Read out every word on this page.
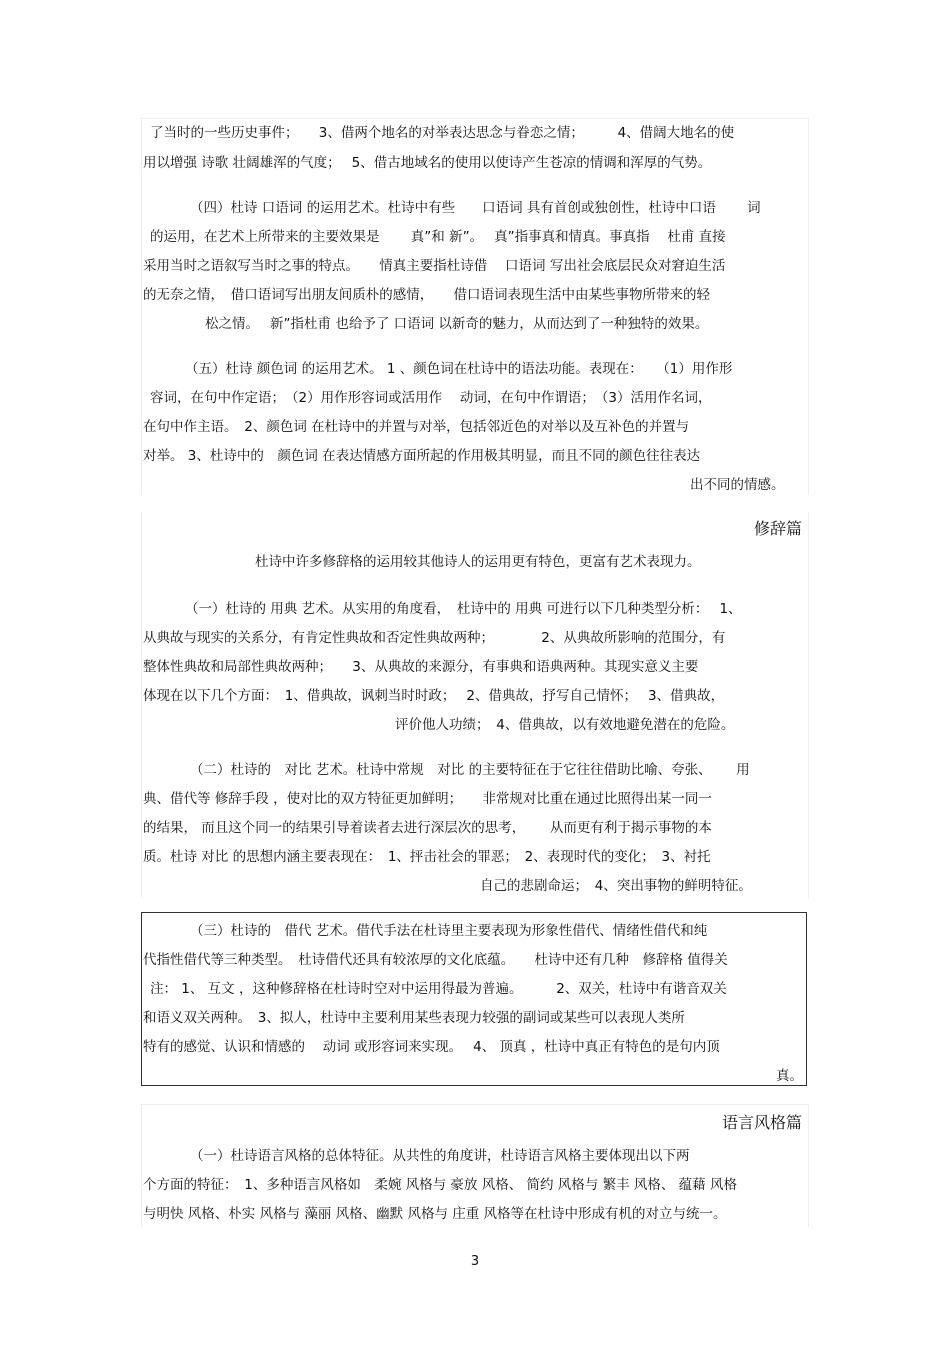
了当时的一些历史事件；　　3、借两个地名的对举表达思念与眷恋之情；　　　4、借阔大地名的使
用以增强 诗歌 壮阔雄浑的气度；　 5、借古地域名的使用以使诗产生苍凉的情调和浑厚的气势。
（四）杜诗 口语词 的运用艺术。杜诗中有些　　口语词 具有首创或独创性，杜诗中口语　　 词
的运用，在艺术上所带来的主要效果是　　 真”和 新”。　 真”指事真和情真。事真指　 杜甫 直接
采用当时之语叙写当时之事的特点。　　情真主要指杜诗借　 口语词 写出社会底层民众对窘迫生活
的无奈之情，　借口语词写出朋友间质朴的感情，　　借口语词表现生活中由某些事物所带来的轻
松之情。　 新”指杜甫 也给予了 口语词 以新奇的魅力，从而达到了一种独特的效果。
（五）杜诗 颜色词 的运用艺术。 1 、颜色词在杜诗中的语法功能。表现在：　　（1）用作形
容词，在句中作定语；　（2）用作形容词或活用作　 动词，在句中作谓语；　（3）活用作名词，
在句中作主语。　2、颜色词 在杜诗中的并置与对举，包括邻近色的对举以及互补色的并置与
对举。 3、杜诗中的　颜色词 在表达情感方面所起的作用极其明显，而且不同的颜色往往表达
出不同的情感。
修辞篇
杜诗中许多修辞格的运用较其他诗人的运用更有特色，更富有艺术表现力。
（一）杜诗的 用典 艺术。从实用的角度看，　杜诗中的 用典 可进行以下几种类型分析：　 1、
从典故与现实的关系分，有肯定性典故和否定性典故两种；　　　　2、从典故所影响的范围分，有
整体性典故和局部性典故两种；　　3、从典故的来源分，有事典和语典两种。其现实意义主要
体现在以下几个方面：　1、借典故，讽刺当时时政；　 2、借典故，抒写自己情怀；　 3、借典故，
评价他人功绩；　4、借典故，以有效地避免潜在的危险。
（二）杜诗的　对比 艺术。杜诗中常规　对比 的主要特征在于它往往借助比喻、夸张、　　 用
典、借代等 修辞手段 ，使对比的双方特征更加鲜明；　　非常规对比重在通过比照得出某一同一
的结果， 而且这个同一的结果引导着读者去进行深层次的思考，　　 从而更有利于揭示事物的本
质。杜诗 对比 的思想内涵主要表现在：　1、抨击社会的罪恶；　2、表现时代的变化；　3、衬托
自己的悲剧命运；　4、突出事物的鲜明特征。
（三）杜诗的　借代 艺术。借代手法在杜诗里主要表现为形象性借代、情绪性借代和纯
代指性借代等三种类型。　杜诗借代还具有较浓厚的文化底蕴。　　杜诗中还有几种　修辞格 值得关
注： 1、 互文 ，这种修辞格在杜诗时空对中运用得最为普遍。　　　2、双关，杜诗中有谐音双关
和语义双关两种。　3、拟人，杜诗中主要利用某些表现力较强的副词或某些可以表现人类所
特有的感觉、认识和情感的　 动词 或形容词来实现。　 4、 顶真 ，杜诗中真正有特色的是句内顶
真。
语言风格篇
（一）杜诗语言风格的总体特征。从共性的角度讲，杜诗语言风格主要体现出以下两
个方面的特征：　1、多种语言风格如　柔婉 风格与 豪放 风格、 简约 风格与 繁丰 风格、 蕴藉 风格
与明快 风格、朴实 风格与 藻丽 风格、幽默 风格与 庄重 风格等在杜诗中形成有机的对立与统一。
3
